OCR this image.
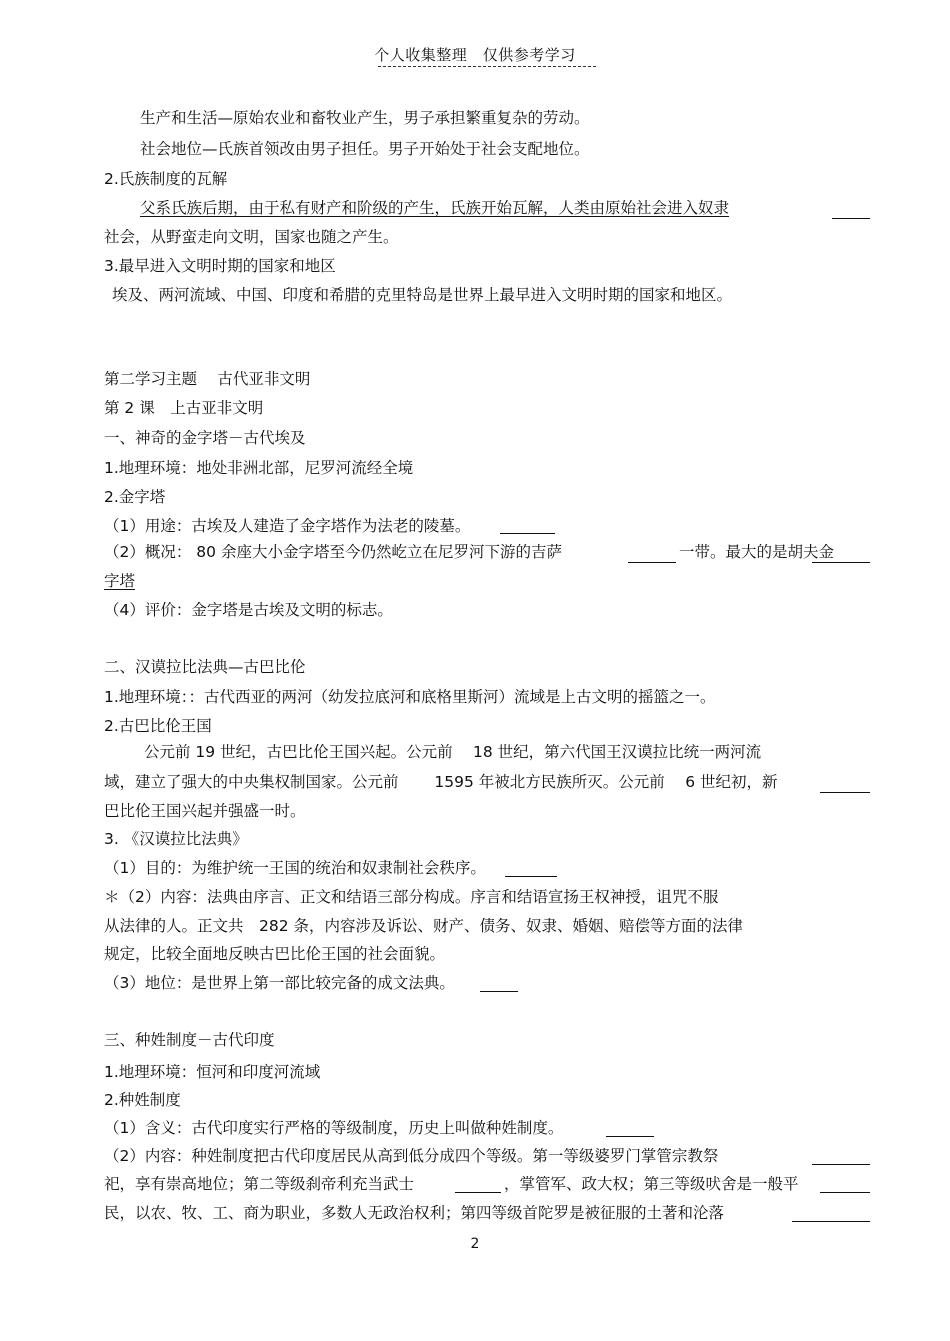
个人收集整理　仅供参考学习
生产和生活—原始农业和畜牧业产生，男子承担繁重复杂的劳动。
社会地位—氏族首领改由男子担任。男子开始处于社会支配地位。
2.氏族制度的瓦解
父系氏族后期，由于私有财产和阶级的产生，氏族开始瓦解，人类由原始社会进入奴隶
社会，从野蛮走向文明，国家也随之产生。
3.最早进入文明时期的国家和地区
埃及、两河流域、中国、印度和希腊的克里特岛是世界上最早进入文明时期的国家和地区。
第二学习主题　 古代亚非文明
第 2 课　上古亚非文明
一、神奇的金字塔－古代埃及
1.地理环境：地处非洲北部，尼罗河流经全境
2.金字塔
（1）用途：古埃及人建造了金字塔作为法老的陵墓。
（2）概况： 80 余座大小金字塔至今仍然屹立在尼罗河下游的吉萨	一带。最大的是胡夫金
字塔
（4）评价：金字塔是古埃及文明的标志。
二、汉谟拉比法典—古巴比伦
1.地理环境：：古代西亚的两河（幼发拉底河和底格里斯河）流域是上古文明的摇篮之一。
2.古巴比伦王国
公元前 19 世纪，古巴比伦王国兴起。公元前　 18 世纪，第六代国王汉谟拉比统一两河流
域，建立了强大的中央集权制国家。公元前　　 1595 年被北方民族所灭。公元前　 6 世纪初，新
巴比伦王国兴起并强盛一时。
3. 《汉谟拉比法典》
（1）目的：为维护统一王国的统治和奴隶制社会秩序。
＊（2）内容：法典由序言、正文和结语三部分构成。序言和结语宣扬王权神授，诅咒不服
从法律的人。正文共　282 条，内容涉及诉讼、财产、债务、奴隶、婚姻、赔偿等方面的法律
规定，比较全面地反映古巴比伦王国的社会面貌。
（3）地位：是世界上第一部比较完备的成文法典。
三、种姓制度－古代印度
1.地理环境：恒河和印度河流域
2.种姓制度
（1）含义：古代印度实行严格的等级制度，历史上叫做种姓制度。
（2）内容：种姓制度把古代印度居民从高到低分成四个等级。第一等级婆罗门掌管宗教祭
祀，享有崇高地位；第二等级刹帝利充当武士	，掌管军、政大权；第三等级吠舍是一般平
民，以农、牧、工、商为职业，多数人无政治权利；第四等级首陀罗是被征服的土著和沦落
2
